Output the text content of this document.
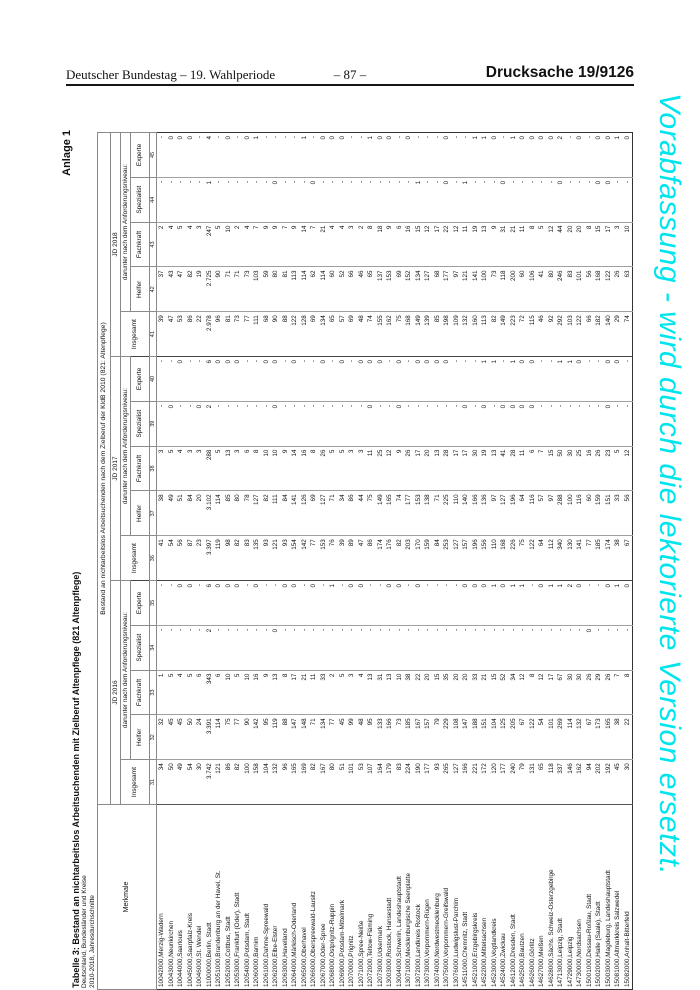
Deutscher Bundestag – 19. Wahlperiode	– 87 –	Drucksache 19/9126
Vorabfassung - wird durch die lektorierte Version ersetzt.
Anlage 1
Tabelle 3: Bestand an nichtarbeitslos Arbeitsuchenden mit Zielberuf Altenpflege (821 Altenpflege) Deutschland, Bundesländer und Kreise 2010-2018, Jahresdurchschnitte	Merkmale	Bestand an nichtarbeitslos Arbeitsuchenden nach dem Zielberuf der KldB 2010 (821: Altenpflege)														
	JD 2016					JD 2017					JD 2018				
	Insgesamt	darunter nach dem Anforderungsniveau:				Insgesamt	darunter nach dem Anforderungsniveau:				Insgesamt	darunter nach dem Anforderungsniveau:			
		Helfer	Fachkraft	Spezialist	Experte		Helfer	Fachkraft	Spezialist	Experte		Helfer	Fachkraft	Spezialist	Experte
	31	32	33	34	35	36	37	38	39	40	41	42	43	44	45
10042000,Merzig-Wadern	34	32	1	-	-	41	38	3	-	-	39	37	2	-	-
10043000,Neunkirchen	50	45	5	-	-	54	49	5	0	-	47	43	4	-	0
10044000,Saarlouis	49	45	4	-	0	56	51	4	-	0	53	47	5	-	0
10045000,Saarpfalz-Kreis	54	50	5	-	0	87	84	3	-	-	86	82	4	-	0
10046000,St. Wendel	30	24	6	-	-	23	20	3	0	-	22	19	3	-	-
11000000,Berlin, Stadt	3.742	3.391	343	2	6	3.397	3.102	288	2	6	2.978	2.725	247	1	4
12051000,Brandenburg an der Havel, St.	121	114	6	-	0	119	114	5	-	0	96	90	5	-	-
12052000,Cottbus, Stadt	86	75	10	-	0	98	85	13	-	0	81	71	10	-	0
12053000,Frankfurt (Oder), Stadt	82	77	5	-	0	82	80	3	-	0	73	71	2	-	-
12054000,Potsdam, Stadt	100	90	10	-	-	83	78	6	-	-	77	73	4	-	0
12060000,Barnim	158	142	16	-	0	135	127	8	-	-	111	103	7	-	1
12061000,Dahme-Spreewald	104	95	9	-	-	93	82	10	-	0	68	59	9	-	-
12062000,Elbe-Elster	132	119	13	0	-	121	111	10	0	0	90	80	9	0	-
12063000,Havelland	96	88	8	-	0	93	84	9	-	-	88	81	7	-	-
12064000,Märkisch-Oderland	165	147	17	-	0	154	141	14	-	0	122	113	9	-	-
12065000,Oberhavel	169	148	21	-	-	142	126	16	-	-	128	114	14	-	1
12066000,Oberspreewald-Lausitz	82	71	11	-	0	77	69	8	-	-	69	62	7	0	-
12067000,Oder-Spree	167	134	33	-	-	153	127	26	-	0	134	114	21	-	0
12068000,Ostprignitz-Ruppin	80	77	2	-	1	76	71	5	-	-	65	60	4	-	0
12069000,Potsdam-Mittelmark	51	45	5	-	-	39	34	5	-	0	57	52	4	-	0
12070000,Prignitz	101	99	3	-	0	89	86	3	-	-	69	66	3	-	-
12071000,Spree-Neiße	53	48	4	-	0	47	44	3	-	0	48	46	2	-	-
12072000,Teltow-Fläming	107	95	13	-	-	86	75	11	0	0	74	65	8	-	1
12073000,Uckermark	164	133	31	-	-	174	149	25	-	0	155	137	18	-	0
13003000,Rostock, Hansestadt	179	166	13	-	0	176	165	12	-	-	162	153	9	-	0
13004000,Schwerin, Landeshauptstadt	83	73	10	-	0	82	74	9	0	0	75	69	6	-	-
13071000,Mecklenburgische Seenplatte	224	185	38	-	-	203	177	26	-	-	168	152	16	-	0
13072000,Landkreis Rostock	190	167	22	-	0	170	153	17	-	0	149	134	15	1	-
13073000,Vorpommern-Rügen	177	157	20	-	-	159	138	20	-	0	139	127	12	-	-
13074000,Nordwestmecklenburg	93	79	15	-	-	84	71	13	-	0	85	68	17	-	-
13075000,Vorpommern-Greifswald	265	229	35	-	-	253	225	28	-	0	198	177	22	0	0
13076000,Ludwigslust-Parchim	127	108	20	-	-	127	110	17	-	-	109	97	12	-	-
14511000,Chemnitz, Stadt	166	147	20	-	0	157	140	17	0	-	132	121	11	1	-
14521000,Erzgebirgskreis	221	188	33	-	0	196	166	30	-	-	160	141	19	-	1
14522000,Mittelsachsen	172	151	21	-	0	156	136	19	0	1	113	100	13	-	1
14523000,Vogtlandkreis	120	104	15	-	1	110	97	13	-	1	82	73	9	-	0
14524000,Zwickau	177	125	52	-	0	168	127	41	0	-	149	118	31	0	-
14612000,Dresden, Stadt	240	205	34	-	1	226	196	28	0	1	223	200	21	-	1
14625000,Bautzen	79	67	12	-	1	75	64	11	0	0	72	60	11	-	0
14626000,Görlitz	131	122	8	-	-	122	116	6	0	0	115	106	8	-	0
14627000,Meißen	65	54	12	-	0	64	57	7	-	-	46	41	5	-	0
14628000,Sächs. Schweiz-Osterzgebirge	118	101	17	-	1	112	97	15	-	-	92	80	12	-	0
14713000,Leipzig, Stadt	337	269	67	-	1	340	288	50	-	1	292	246	44	0	2
14729000,Leipzig	146	114	30	-	2	130	100	30	-	1	103	83	20	-	-
14730000,Nordsachsen	162	132	30	-	0	141	116	25	-	0	122	101	20	-	0
15001000,Dessau-Roßlau, Stadt	94	67	26	0	-	77	60	16	-	-	66	56	8	-	-
15002000,Halle (Saale), Stadt	202	173	29	-	-	185	159	26	-	-	182	168	15	0	0
15003000,Magdeburg, Landeshauptstadt	192	165	26	-	0	174	151	23	0	0	140	122	17	0	0
15081000,Altmarkkreis Salzwedel	45	38	7	-	1	38	33	5	-	0	29	26	3	-	1
15082000,Anhalt-Bitterfeld	30	22	8	-	0	67	56	12	-	-	74	63	10	-	0
